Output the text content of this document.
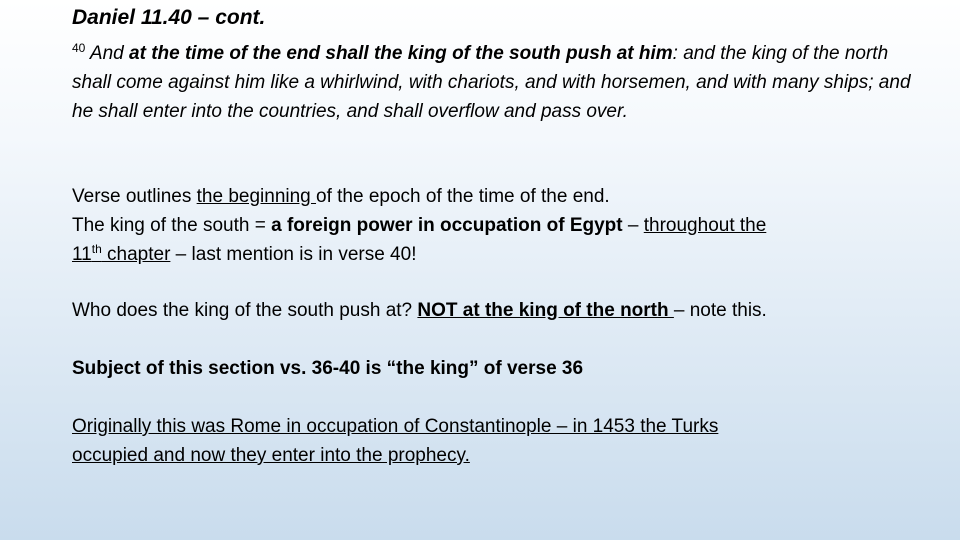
Daniel 11.40 – cont.
$^{40}$ And at the time of the end shall the king of the south push at him: and the king of the north shall come against him like a whirlwind, with chariots, and with horsemen, and with many ships; and he shall enter into the countries, and shall overflow and pass over.
Verse outlines the beginning of the epoch of the time of the end.
The king of the south = a foreign power in occupation of Egypt – throughout the
11th chapter – last mention is in verse 40!
Who does the king of the south push at? NOT at the king of the north – note this.
Subject of this section vs. 36-40 is “the king” of verse 36
Originally this was Rome in occupation of Constantinople – in 1453 the Turks
occupied and now they enter into the prophecy.
